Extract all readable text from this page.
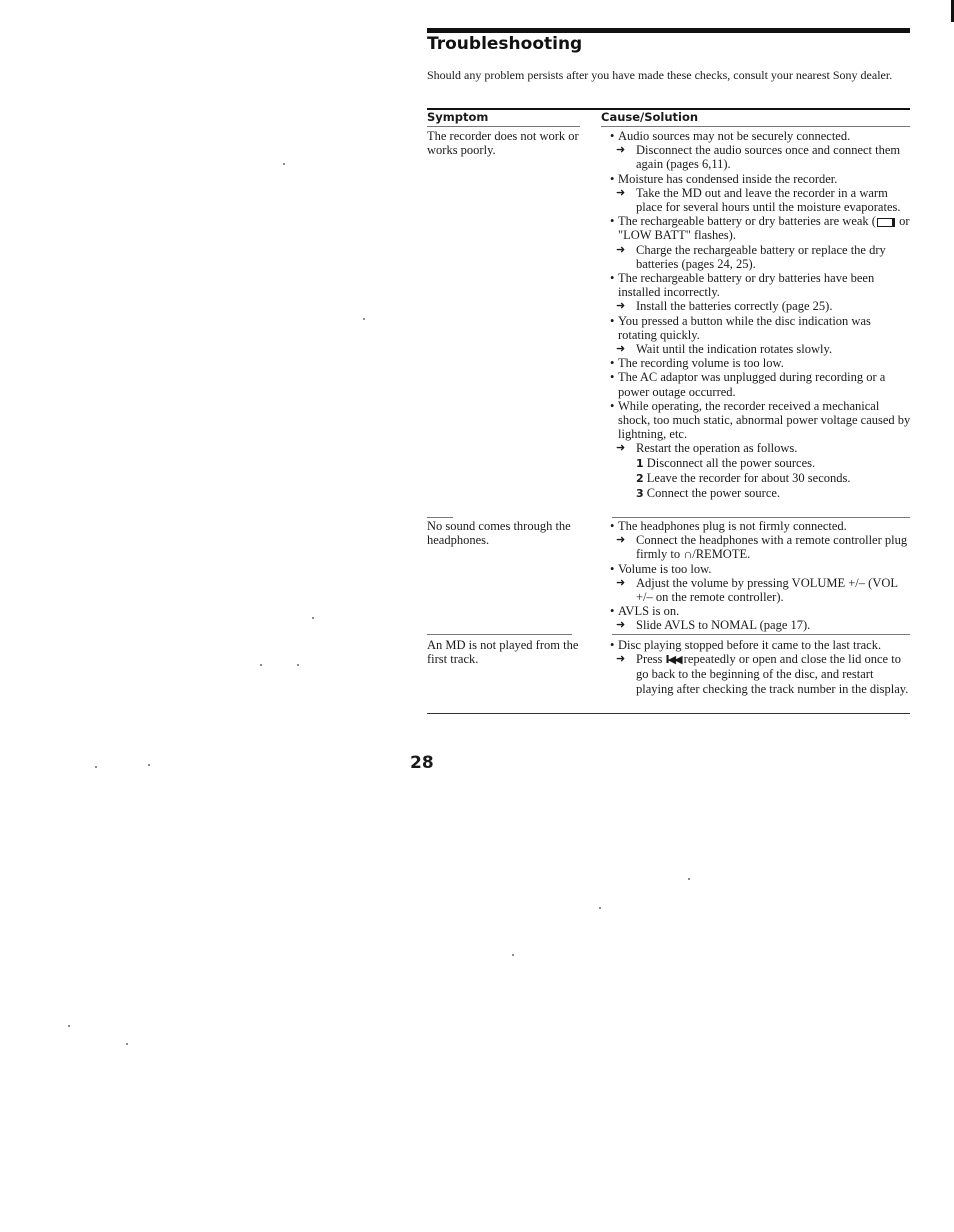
Troubleshooting
Should any problem persists after you have made these checks, consult your nearest Sony dealer.
Symptom	Cause/Solution
The recorder does not work or works poorly.
• Audio sources may not be securely connected.
➜ Disconnect the audio sources once and connect them again (pages 6,11).
• Moisture has condensed inside the recorder.
➜ Take the MD out and leave the recorder in a warm place for several hours until the moisture evaporates.
• The rechargeable battery or dry batteries are weak ( or "LOW BATT" flashes).
➜ Charge the rechargeable battery or replace the dry batteries (pages 24, 25).
• The rechargeable battery or dry batteries have been installed incorrectly.
➜ Install the batteries correctly (page 25).
• You pressed a button while the disc indication was rotating quickly.
➜ Wait until the indication rotates slowly.
• The recording volume is too low.
• The AC adaptor was unplugged during recording or a power outage occurred.
• While operating, the recorder received a mechanical shock, too much static, abnormal power voltage caused by lightning, etc.
➜ Restart the operation as follows.
1 Disconnect all the power sources.
2 Leave the recorder for about 30 seconds.
3 Connect the power source.
No sound comes through the headphones.
• The headphones plug is not firmly connected.
➜ Connect the headphones with a remote controller plug firmly to ∩/REMOTE.
• Volume is too low.
➜ Adjust the volume by pressing VOLUME +/– (VOL +/– on the remote controller).
• AVLS is on.
➜ Slide AVLS to NOMAL (page 17).
An MD is not played from the first track.
• Disc playing stopped before it came to the last track.
➜ Press I◀◀ repeatedly or open and close the lid once to go back to the beginning of the disc, and restart playing after checking the track number in the display.
28
